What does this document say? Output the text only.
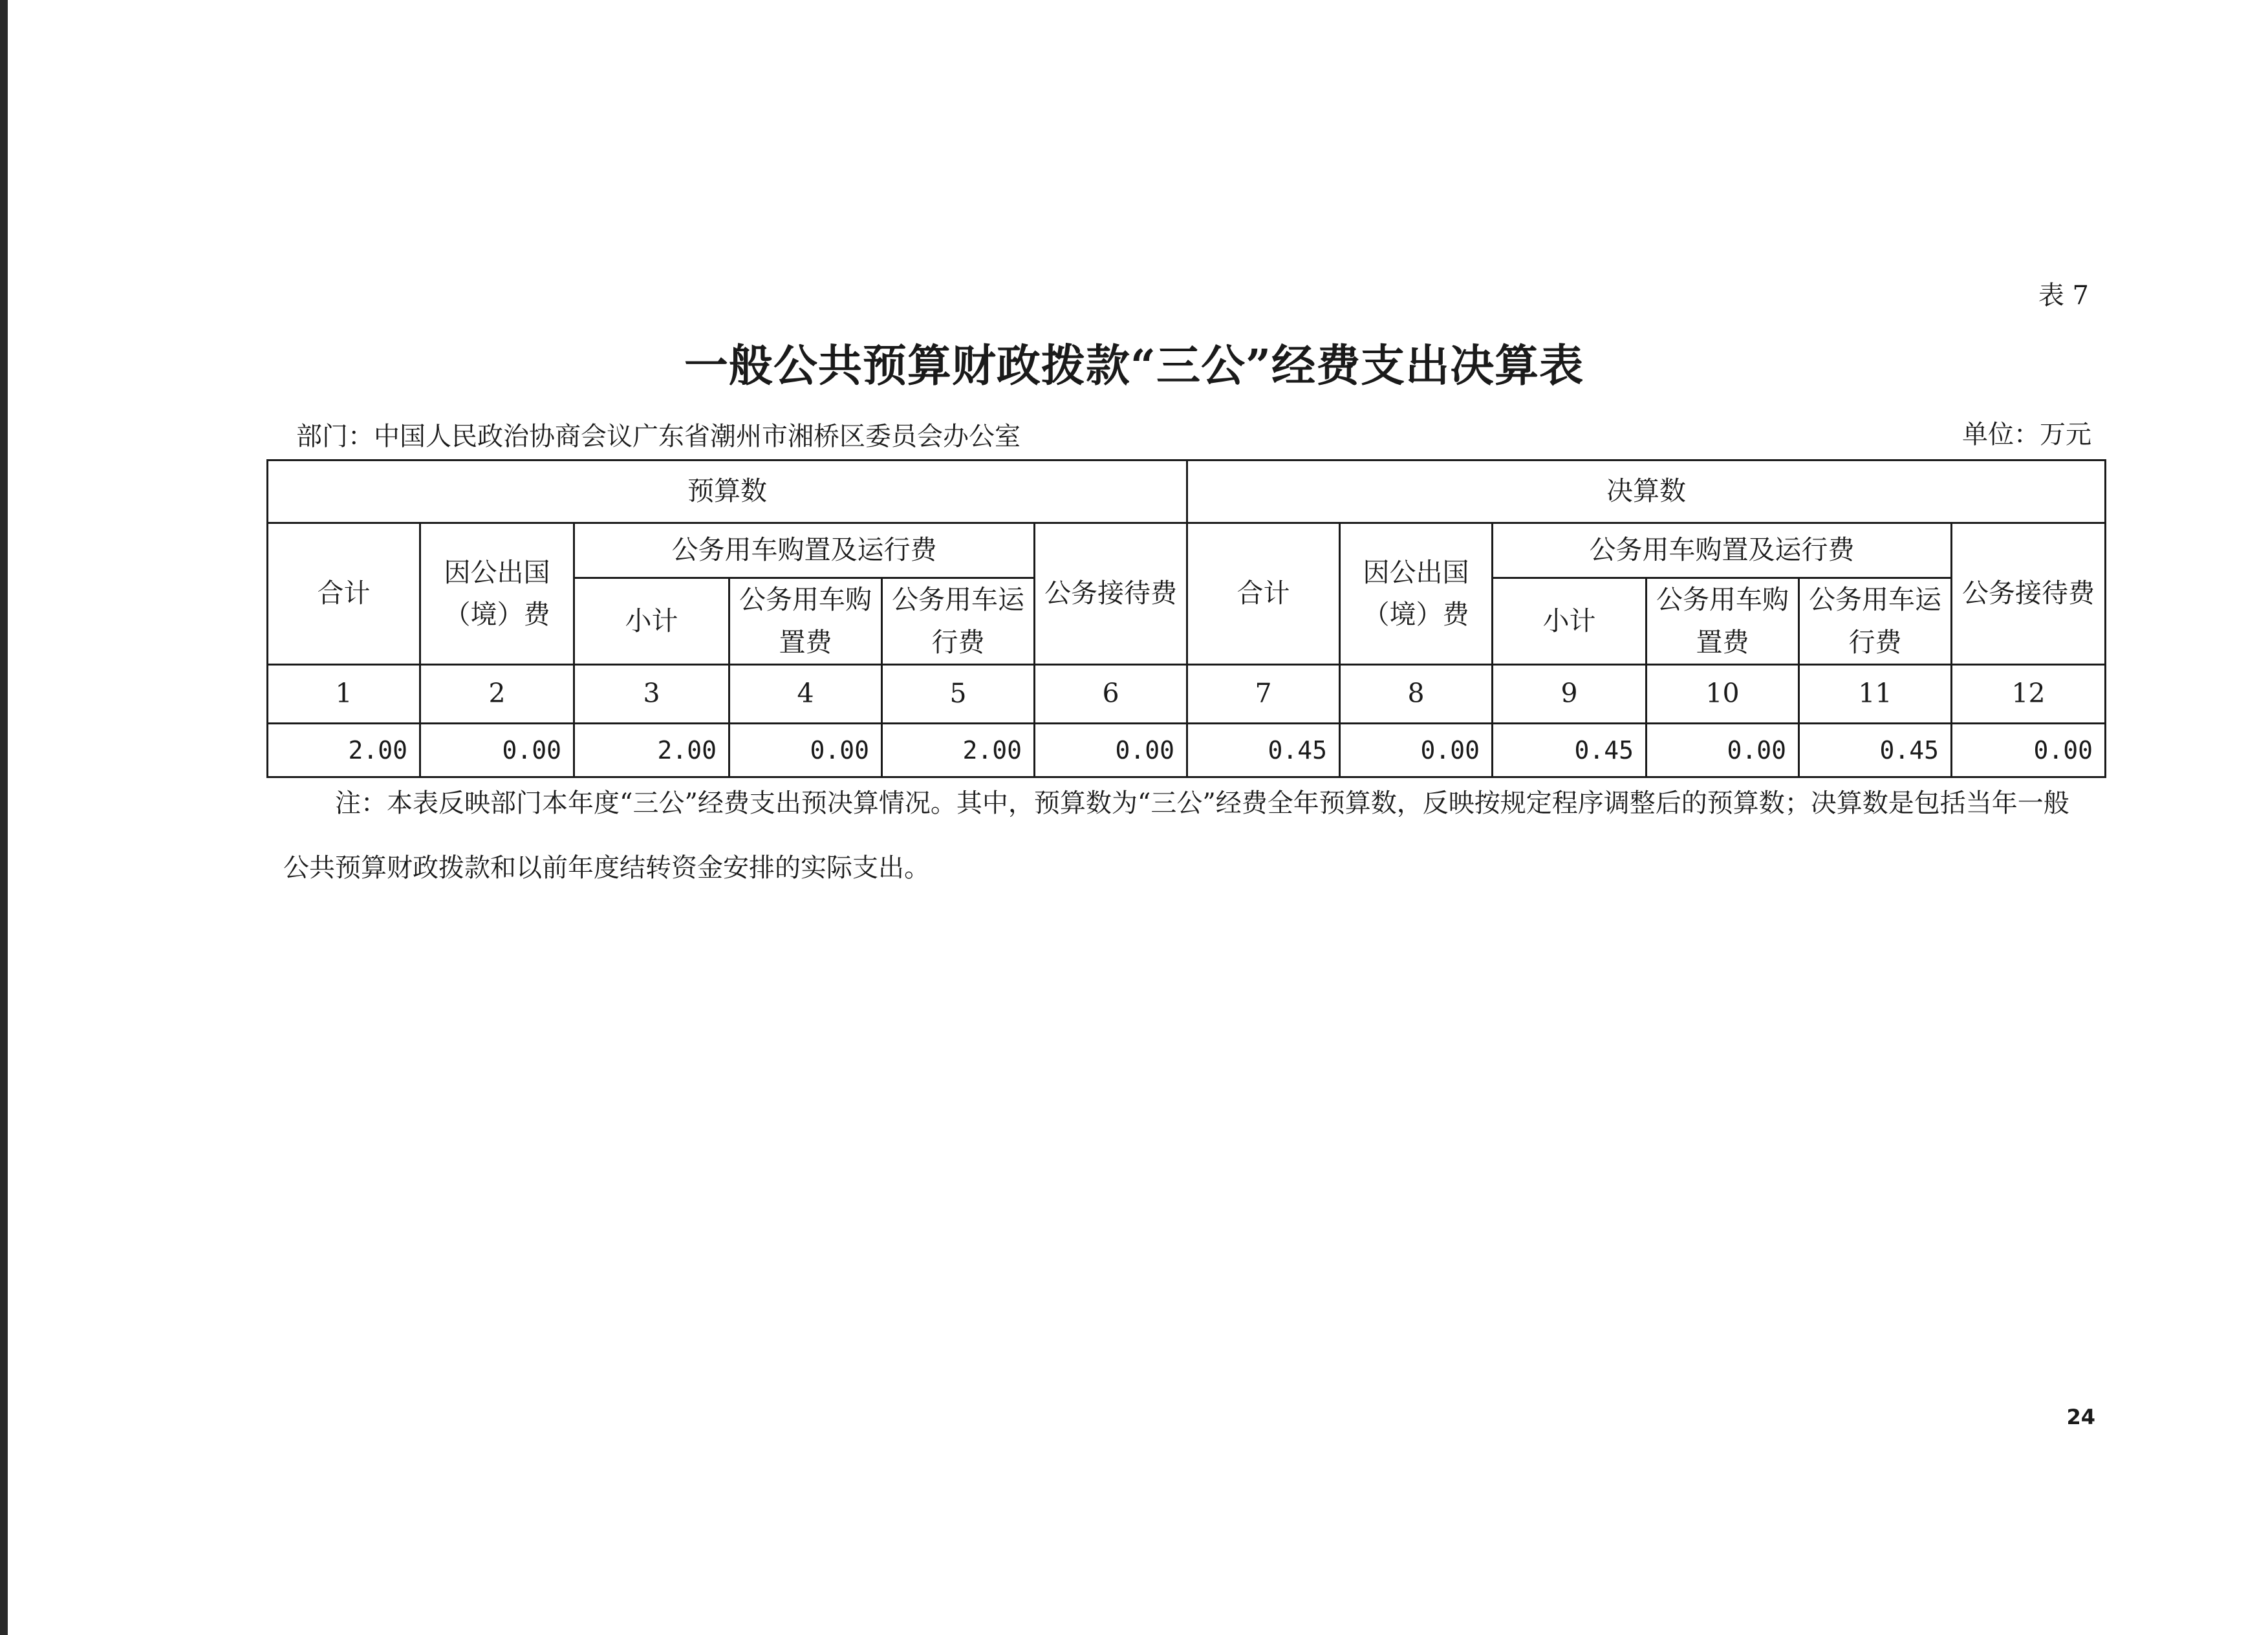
表 7
一般公共预算财政拨款“三公”经费支出决算表
部门：中国人民政治协商会议广东省潮州市湘桥区委员会办公室	单位：万元
预算数						决算数					
合计	因公出国（境）费	公务用车购置及运行费			公务接待费	合计	因公出国（境）费	公务用车购置及运行费			公务接待费
		小计	公务用车购置费	公务用车运行费				小计	公务用车购置费	公务用车运行费	
1	2	3	4	5	6	7	8	9	10	11	12
2.00	0.00	2.00	0.00	2.00	0.00	0.45	0.00	0.45	0.00	0.45	0.00
注：本表反映部门本年度“三公”经费支出预决算情况。其中，预算数为“三公”经费全年预算数，反映按规定程序调整后的预算数；决算数是包括当年一般公共预算财政拨款和以前年度结转资金安排的实际支出。
24
